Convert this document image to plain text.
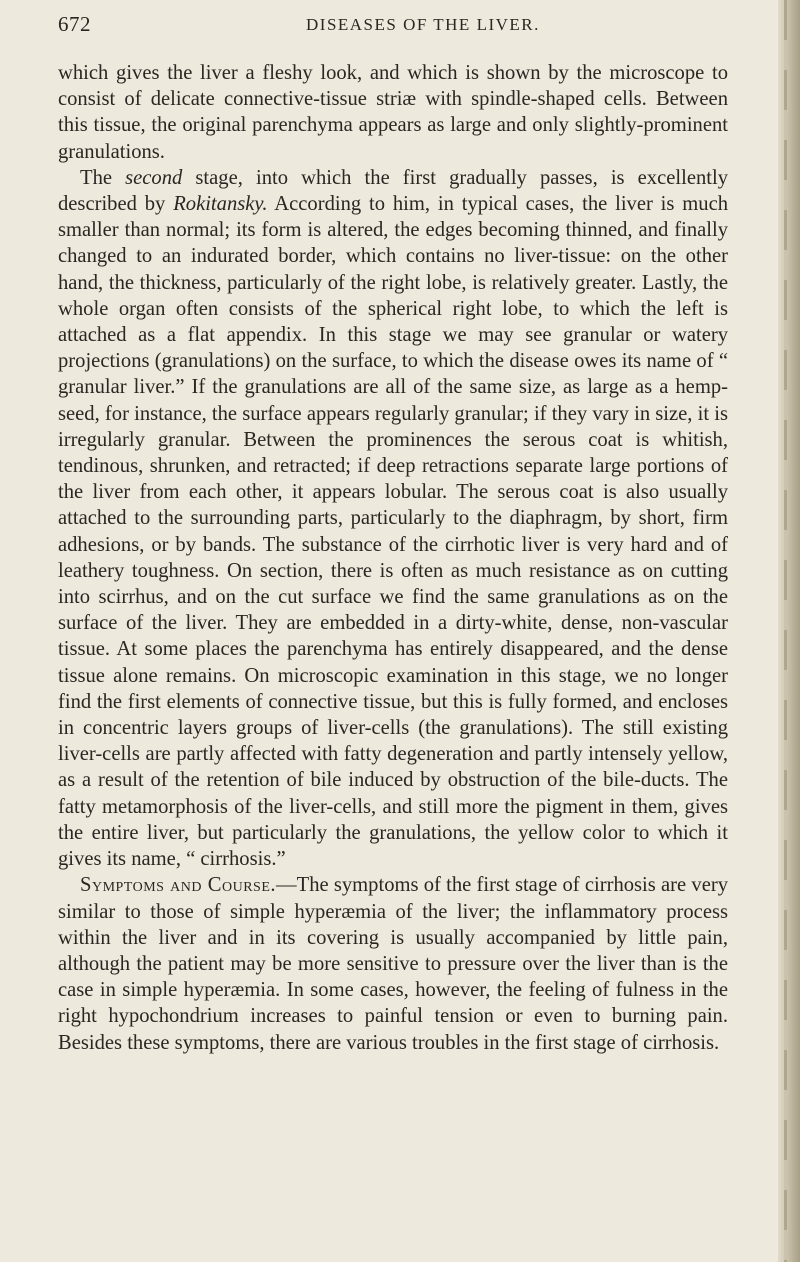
672	DISEASES OF THE LIVER.

which gives the liver a fleshy look, and which is shown by the microscope to consist of delicate connective-tissue striæ with spindle-shaped cells. Between this tissue, the original parenchyma appears as large and only slightly-prominent granulations.

The second stage, into which the first gradually passes, is excellently described by Rokitansky. According to him, in typical cases, the liver is much smaller than normal; its form is altered, the edges becoming thinned, and finally changed to an indurated border, which contains no liver-tissue: on the other hand, the thickness, particularly of the right lobe, is relatively greater. Lastly, the whole organ often consists of the spherical right lobe, to which the left is attached as a flat appendix. In this stage we may see granular or watery projections (granulations) on the surface, to which the disease owes its name of “ granular liver.” If the granulations are all of the same size, as large as a hemp-seed, for instance, the surface appears regularly granular; if they vary in size, it is irregularly granular. Between the prominences the serous coat is whitish, tendinous, shrunken, and retracted; if deep retractions separate large portions of the liver from each other, it appears lobular. The serous coat is also usually attached to the surrounding parts, particularly to the diaphragm, by short, firm adhesions, or by bands. The substance of the cirrhotic liver is very hard and of leathery toughness. On section, there is often as much resistance as on cutting into scirrhus, and on the cut surface we find the same granulations as on the surface of the liver. They are embedded in a dirty-white, dense, non-vascular tissue. At some places the parenchyma has entirely disappeared, and the dense tissue alone remains. On microscopic examination in this stage, we no longer find the first elements of connective tissue, but this is fully formed, and encloses in concentric layers groups of liver-cells (the granulations). The still existing liver-cells are partly affected with fatty degeneration and partly intensely yellow, as a result of the retention of bile induced by obstruction of the bile-ducts. The fatty metamorphosis of the liver-cells, and still more the pigment in them, gives the entire liver, but particularly the granulations, the yellow color to which it gives its name, “ cirrhosis.”

Symptoms and Course.—The symptoms of the first stage of cirrhosis are very similar to those of simple hyperæmia of the liver; the inflammatory process within the liver and in its covering is usually accompanied by little pain, although the patient may be more sensitive to pressure over the liver than is the case in simple hyperæmia. In some cases, however, the feeling of fulness in the right hypochondrium increases to painful tension or even to burning pain. Besides these symptoms, there are various troubles in the first stage of cirrhosis.
